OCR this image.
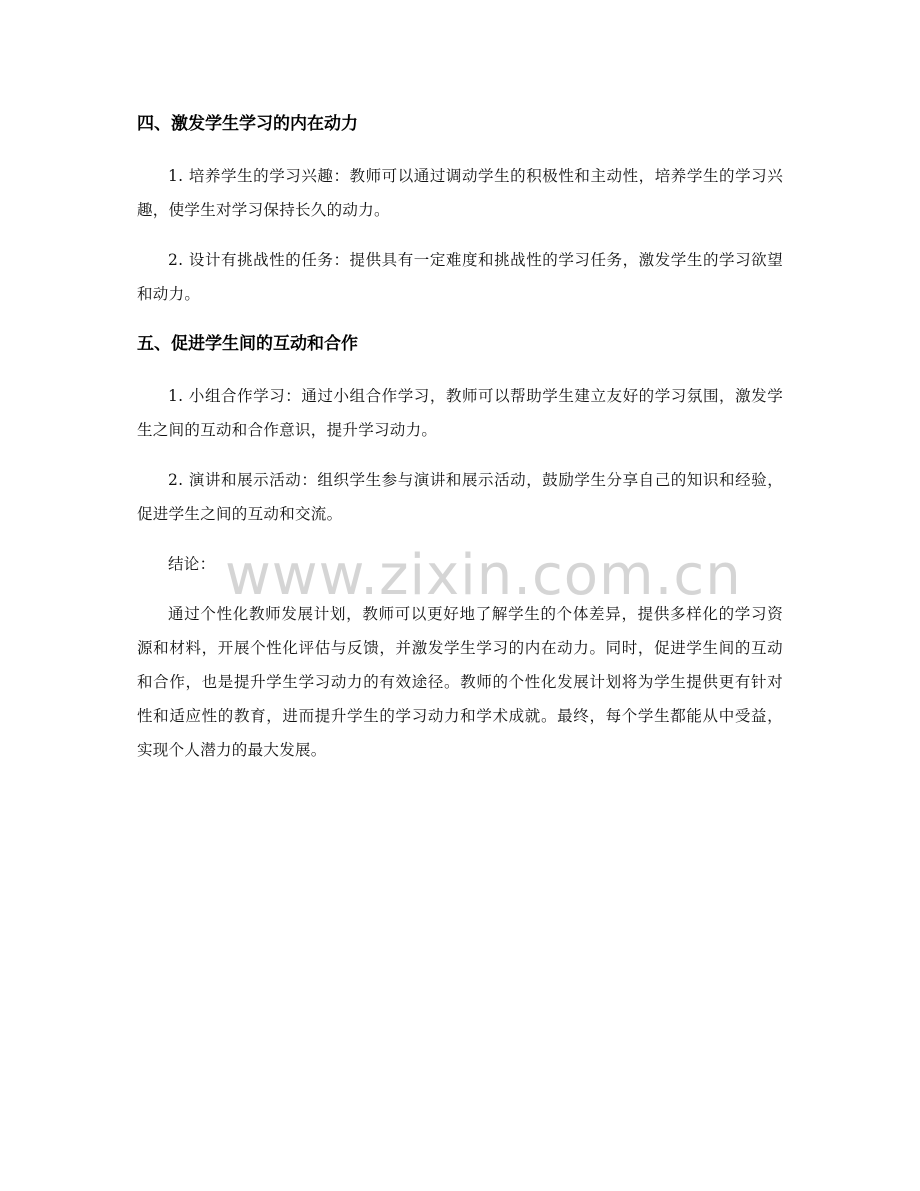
四、激发学生学习的内在动力

1. 培养学生的学习兴趣：教师可以通过调动学生的积极性和主动性，培养学生的学习兴趣，使学生对学习保持长久的动力。

2. 设计有挑战性的任务：提供具有一定难度和挑战性的学习任务，激发学生的学习欲望和动力。

五、促进学生间的互动和合作

1. 小组合作学习：通过小组合作学习，教师可以帮助学生建立友好的学习氛围，激发学生之间的互动和合作意识，提升学习动力。

2. 演讲和展示活动：组织学生参与演讲和展示活动，鼓励学生分享自己的知识和经验，促进学生之间的互动和交流。

结论：

通过个性化教师发展计划，教师可以更好地了解学生的个体差异，提供多样化的学习资源和材料，开展个性化评估与反馈，并激发学生学习的内在动力。同时，促进学生间的互动和合作，也是提升学生学习动力的有效途径。教师的个性化发展计划将为学生提供更有针对性和适应性的教育，进而提升学生的学习动力和学术成就。最终，每个学生都能从中受益，实现个人潜力的最大发展。

www.zixin.com.cn
